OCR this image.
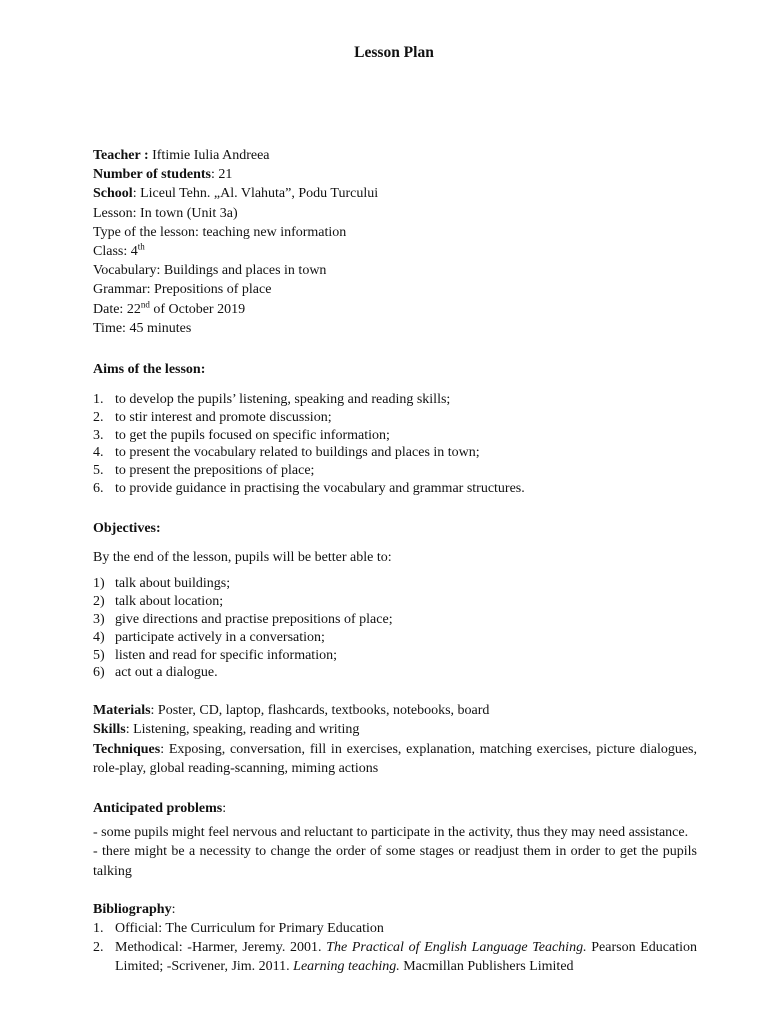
Lesson Plan

Teacher : Iftimie Iulia Andreea

Number of students: 21

School: Liceul Tehn. „Al. Vlahuta”, Podu Turcului

Lesson: In town (Unit 3a)

Type of the lesson: teaching new information

Class: 4th

Vocabulary: Buildings and places in town

Grammar: Prepositions of place

Date: 22nd of October 2019

Time: 45 minutes

Aims of the lesson:

1. to develop the pupils’ listening, speaking and reading skills;
2. to stir interest and promote discussion;
3. to get the pupils focused on specific information;
4. to present the vocabulary related to buildings and places in town;
5. to present the prepositions of place;
6. to provide guidance in practising the vocabulary and grammar structures.

Objectives:

By the end of the lesson, pupils will be better able to:

1) talk about buildings;
2) talk about location;
3) give directions and practise prepositions of place;
4) participate actively in a conversation;
5) listen and read for specific information;
6) act out a dialogue.

Materials: Poster, CD, laptop, flashcards, textbooks, notebooks, board

Skills: Listening, speaking, reading and writing

Techniques: Exposing, conversation, fill in exercises, explanation, matching exercises, picture dialogues, role-play, global reading-scanning, miming actions

Anticipated problems:

- some pupils might feel nervous and reluctant to participate in the activity, thus they may need assistance.

- there might be a necessity to change the order of some stages or readjust them in order to get the pupils talking

Bibliography:

1. Official: The Curriculum for Primary Education
2. Methodical: -Harmer, Jeremy. 2001. The Practical of English Language Teaching. Pearson Education Limited; -Scrivener, Jim. 2011. Learning teaching. Macmillan Publishers Limited
